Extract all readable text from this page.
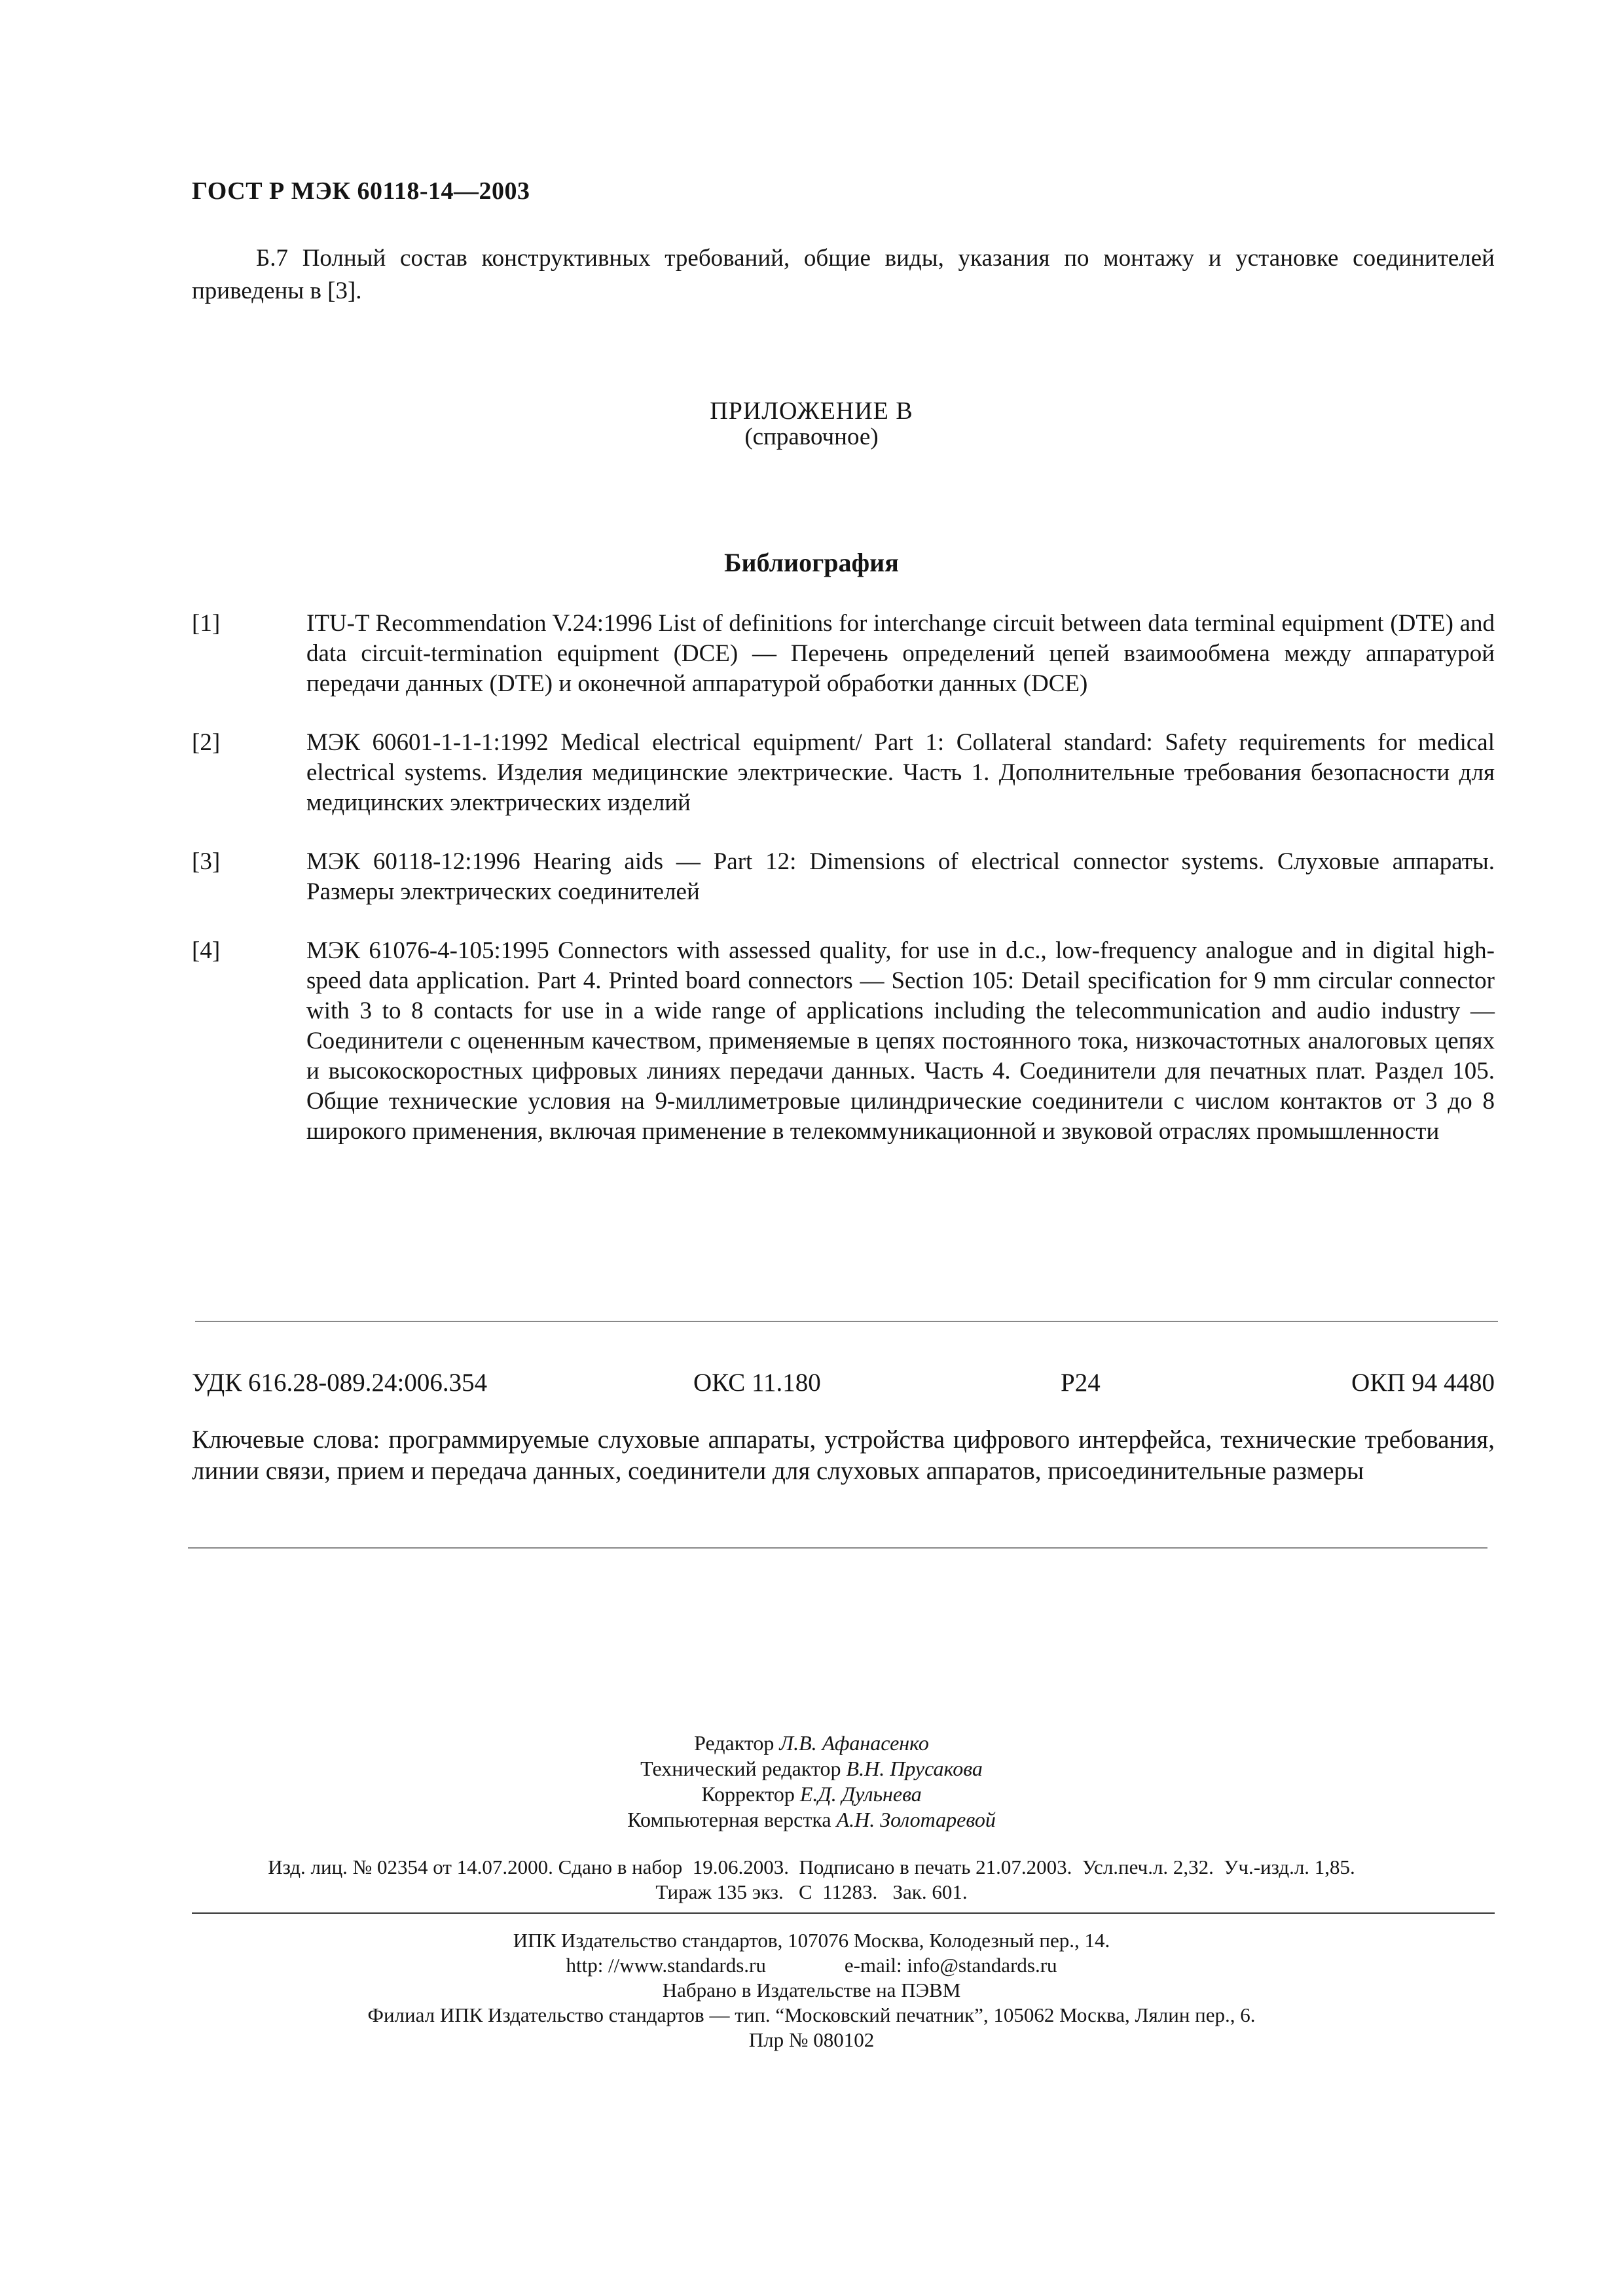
ГОСТ Р МЭК 60118-14—2003
Б.7 Полный состав конструктивных требований, общие виды, указания по монтажу и установке соединителей приведены в [3].
ПРИЛОЖЕНИЕ В
(справочное)
Библиография
[1]	ITU-T Recommendation V.24:1996 List of definitions for interchange circuit between data terminal equipment (DTE) and data circuit-termination equipment (DCE) — Перечень определений цепей взаимообмена между аппаратурой передачи данных (DTE) и оконечной аппаратурой обработки данных (DCE)
[2]	МЭК 60601-1-1-1:1992 Medical electrical equipment/ Part 1: Collateral standard: Safety requirements for medical electrical systems. Изделия медицинские электрические. Часть 1. Дополнительные требования безопасности для медицинских электрических изделий
[3]	МЭК 60118-12:1996 Hearing aids — Part 12: Dimensions of electrical connector systems. Слуховые аппараты. Размеры электрических соединителей
[4]	МЭК 61076-4-105:1995 Connectors with assessed quality, for use in d.c., low-frequency analogue and in digital high-speed data application. Part 4. Printed board connectors — Section 105: Detail specification for 9 mm circular connector with 3 to 8 contacts for use in a wide range of applications including the telecommunication and audio industry — Соединители с оцененным качеством, применяемые в цепях постоянного тока, низкочастотных аналоговых цепях и высокоскоростных цифровых линиях передачи данных. Часть 4. Соединители для печатных плат. Раздел 105. Общие технические условия на 9-миллиметровые цилиндрические соединители с числом контактов от 3 до 8 широкого применения, включая применение в телекоммуникационной и звуковой отраслях промышленности
УДК 616.28-089.24:006.354	ОКС 11.180	Р24	ОКП 94 4480
Ключевые слова: программируемые слуховые аппараты, устройства цифрового интерфейса, технические требования, линии связи, прием и передача данных, соединители для слуховых аппаратов, присоединительные размеры
Редактор Л.В. Афанасенко
Технический редактор В.Н. Прусакова
Корректор Е.Д. Дульнева
Компьютерная верстка А.Н. Золотаревой
Изд. лиц. № 02354 от 14.07.2000. Сдано в набор  19.06.2003.  Подписано в печать 21.07.2003.  Усл.печ.л. 2,32.  Уч.-изд.л. 1,85.
Тираж 135 экз.   С  11283.   Зак. 601.
ИПК Издательство стандартов, 107076 Москва, Колодезный пер., 14.
http: //www.standards.ru	e-mail: info@standards.ru
Набрано в Издательстве на ПЭВМ
Филиал ИПК Издательство стандартов — тип. “Московский печатник”, 105062 Москва, Лялин пер., 6.
Плр № 080102
